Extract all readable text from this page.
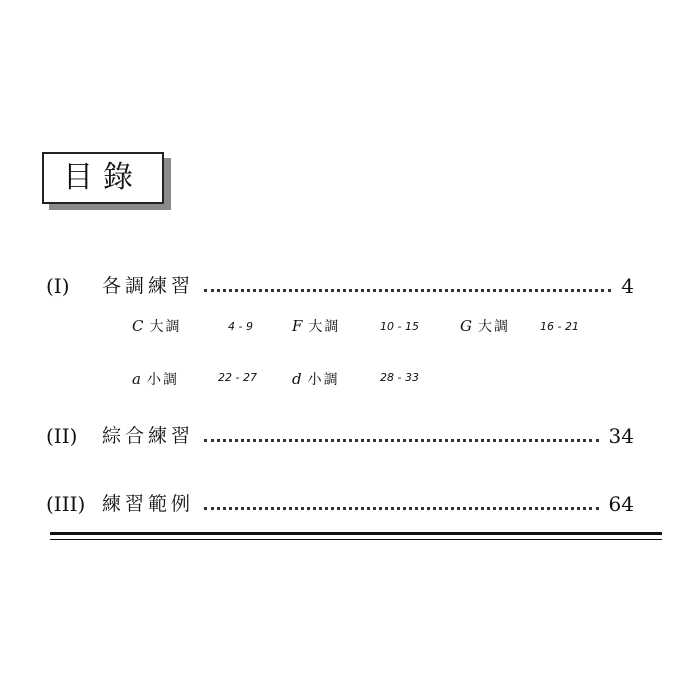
目錄
(I)	各調練習	4
C 大調	4 - 9	F 大調	10 - 15	G 大調	16 - 21
a 小調	22 - 27 d 小調	28 - 33
(II)	綜合練習	34
(III) 練習範例	64
